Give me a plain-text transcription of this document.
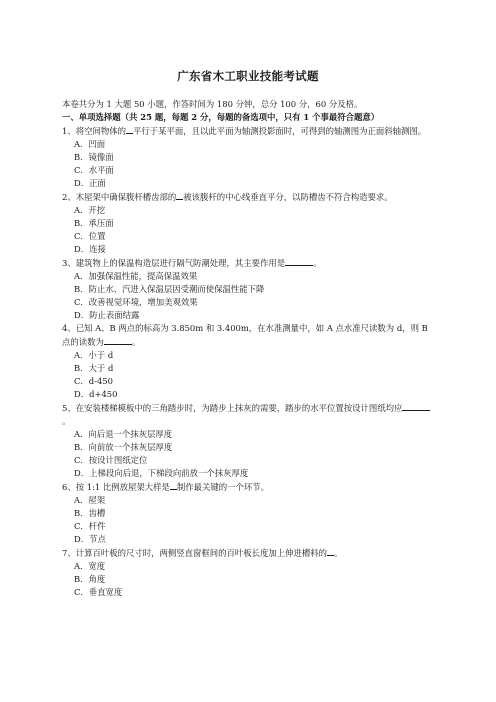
广东省木工职业技能考试题

本卷共分为 1 大题 50 小题，作答时间为 180 分钟，总分 100 分，60 分及格。

一、单项选择题（共 25 题，每题 2 分，每题的备选项中，只有 1 个事最符合题意）

1、将空间物体的 平行于某平面，且以此平面为轴测投影面时，可得到的轴测图为正面斜轴测图。

A．凹面

B．镜像面

C．水平面

D．正面

2、木屋架中确保腹杆槽齿部的 被该腹杆的中心线垂直平分，以防槽齿不符合构造要求。

A．开挖

B．承压面

C．位置

D．连接

3、建筑物上的保温构造层进行隔气防潮处理，其主要作用是	。

A．加强保温性能，提高保温效果

B．防止水、汽进入保温层因受潮而使保温性能下降

C．改善视觉环境，增加美观效果

D．防止表面结露

4、已知 A、B 两点的标高为 3.850m 和 3.400m，在水准测量中，如 A 点水准尺读数为 d，则 B 点的读数为	。

A．小于 d

B．大于 d

C．d-450

D．d+450

5、在安装楼梯模板中的三角踏步时，为踏步上抹灰的需要，踏步的水平位置按设计图纸均应。

A．向后退一个抹灰层厚度

B．向前放一个抹灰层厚度

C．按设计图纸定位

D．上梯段向后退，下梯段向前放一个抹灰厚度

6、按 1:1 比例放屋架大样是 制作最关键的一个环节。

A．屋架

B．齿槽

C．杆件

D．节点

7、计算百叶板的尺寸时，两侧竖直窗框间的百叶板长度加上伸进槽料的 。

A．宽度

B．角度

C．垂直宽度
